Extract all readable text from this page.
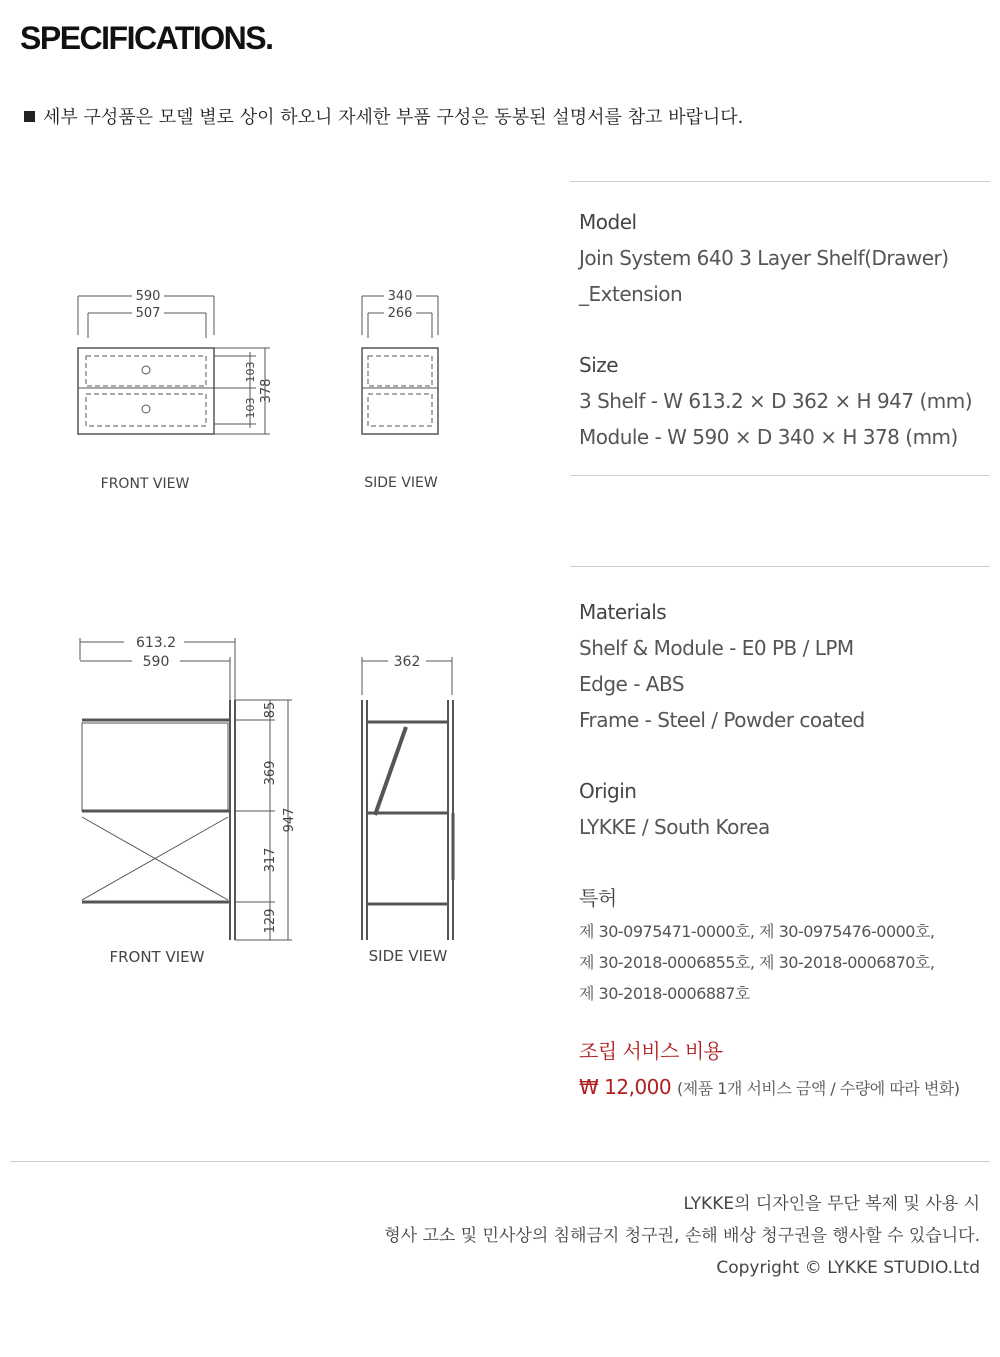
SPECIFICATIONS.
세부 구성품은 모델 별로 상이 하오니 자세한 부품 구성은 동봉된 설명서를 참고 바랍니다.
590
507
103
103
378
340
266
FRONT VIEW	SIDE VIEW
613.2
590
85
369
317
129
947
362
FRONT VIEW	SIDE VIEW
Model
Join System 640 3 Layer Shelf(Drawer)
_Extension
Size
3 Shelf - W 613.2 × D 362 × H 947 (mm)
Module - W 590 × D 340 × H 378 (mm)
Materials
Shelf & Module - E0 PB / LPM
Edge - ABS
Frame - Steel / Powder coated
Origin
LYKKE / South Korea
특허
제 30-0975471-0000호, 제 30-0975476-0000호,
제 30-2018-0006855호, 제 30-2018-0006870호,
제 30-2018-0006887호
조립 서비스 비용
₩ 12,000 (제품 1개 서비스 금액 / 수량에 따라 변화)
LYKKE의 디자인을 무단 복제 및 사용 시
형사 고소 및 민사상의 침해금지 청구권, 손해 배상 청구권을 행사할 수 있습니다.
Copyright © LYKKE STUDIO.Ltd
